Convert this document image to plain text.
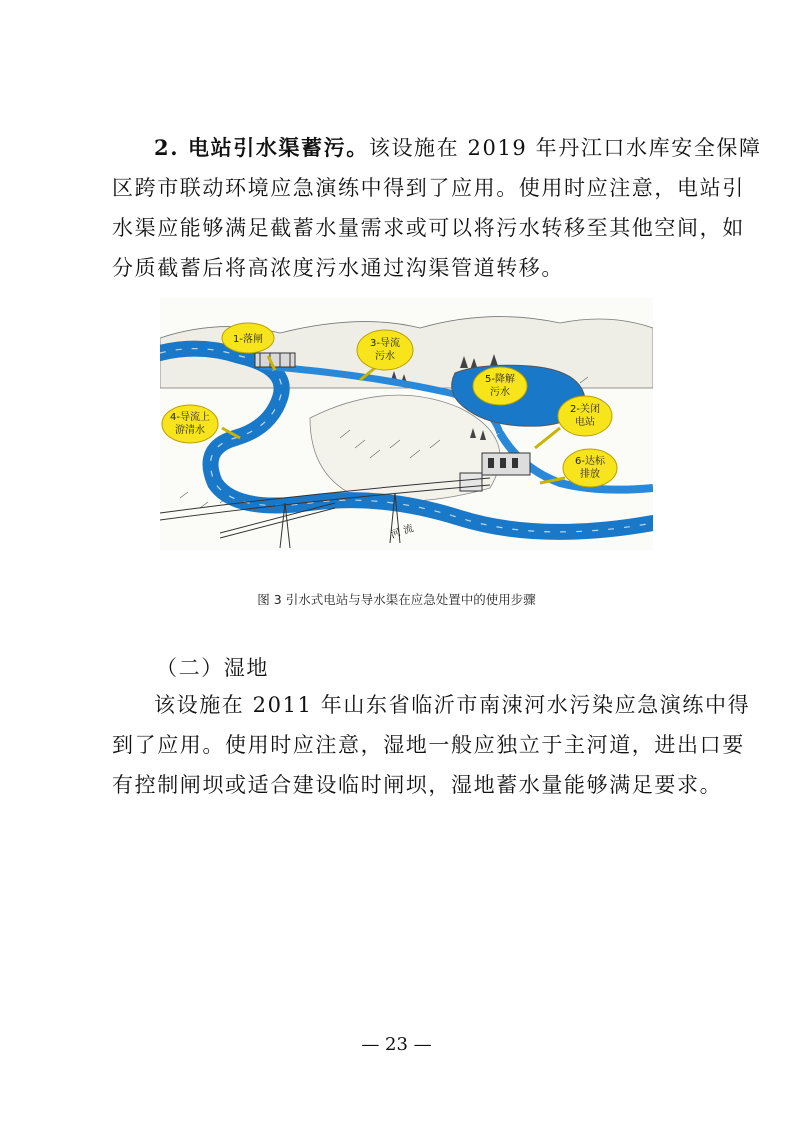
2. 电站引水渠蓄污。该设施在 2019 年丹江口水库安全保障
区跨市联动环境应急演练中得到了应用。使用时应注意，电站引
水渠应能够满足截蓄水量需求或可以将污水转移至其他空间，如
分质截蓄后将高浓度污水通过沟渠管道转移。
河 流
1-落闸	3-导流
污水
5-降解
污水
4-导流上
游清水
2-关闭
电站
6-达标
排放
图 3 引水式电站与导水渠在应急处置中的使用步骤
（二）湿地
该设施在 2011 年山东省临沂市南涑河水污染应急演练中得
到了应用。使用时应注意，湿地一般应独立于主河道，进出口要
有控制闸坝或适合建设临时闸坝，湿地蓄水量能够满足要求。
— 23 —
